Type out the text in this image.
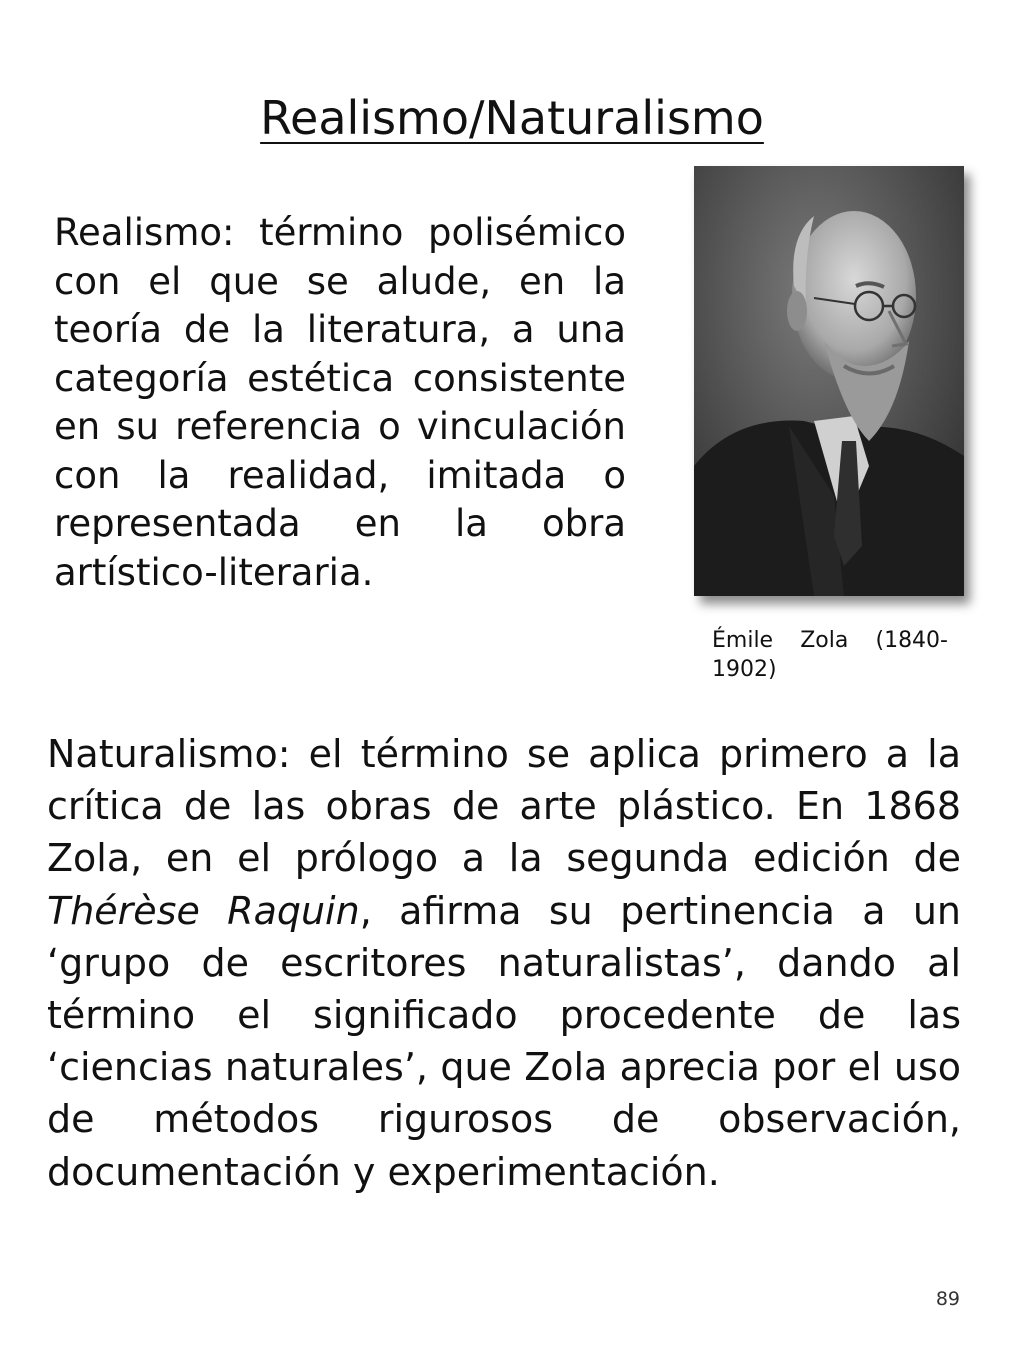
Realismo/Naturalismo

Realismo: término polisémico con el que se alude, en la teoría de la literatura, a una categoría estética consistente en su referencia o vinculación con la realidad, imitada o representada en la obra artístico-literaria.

Émile Zola (1840-1902)

Naturalismo: el término se aplica primero a la crítica de las obras de arte plástico. En 1868 Zola, en el prólogo a la segunda edición de Thérèse Raquin, afirma su pertinencia a un ‘grupo de escritores naturalistas’, dando al término el significado procedente de las ‘ciencias naturales’, que Zola aprecia por el uso de métodos rigurosos de observación, documentación y experimentación.

89
